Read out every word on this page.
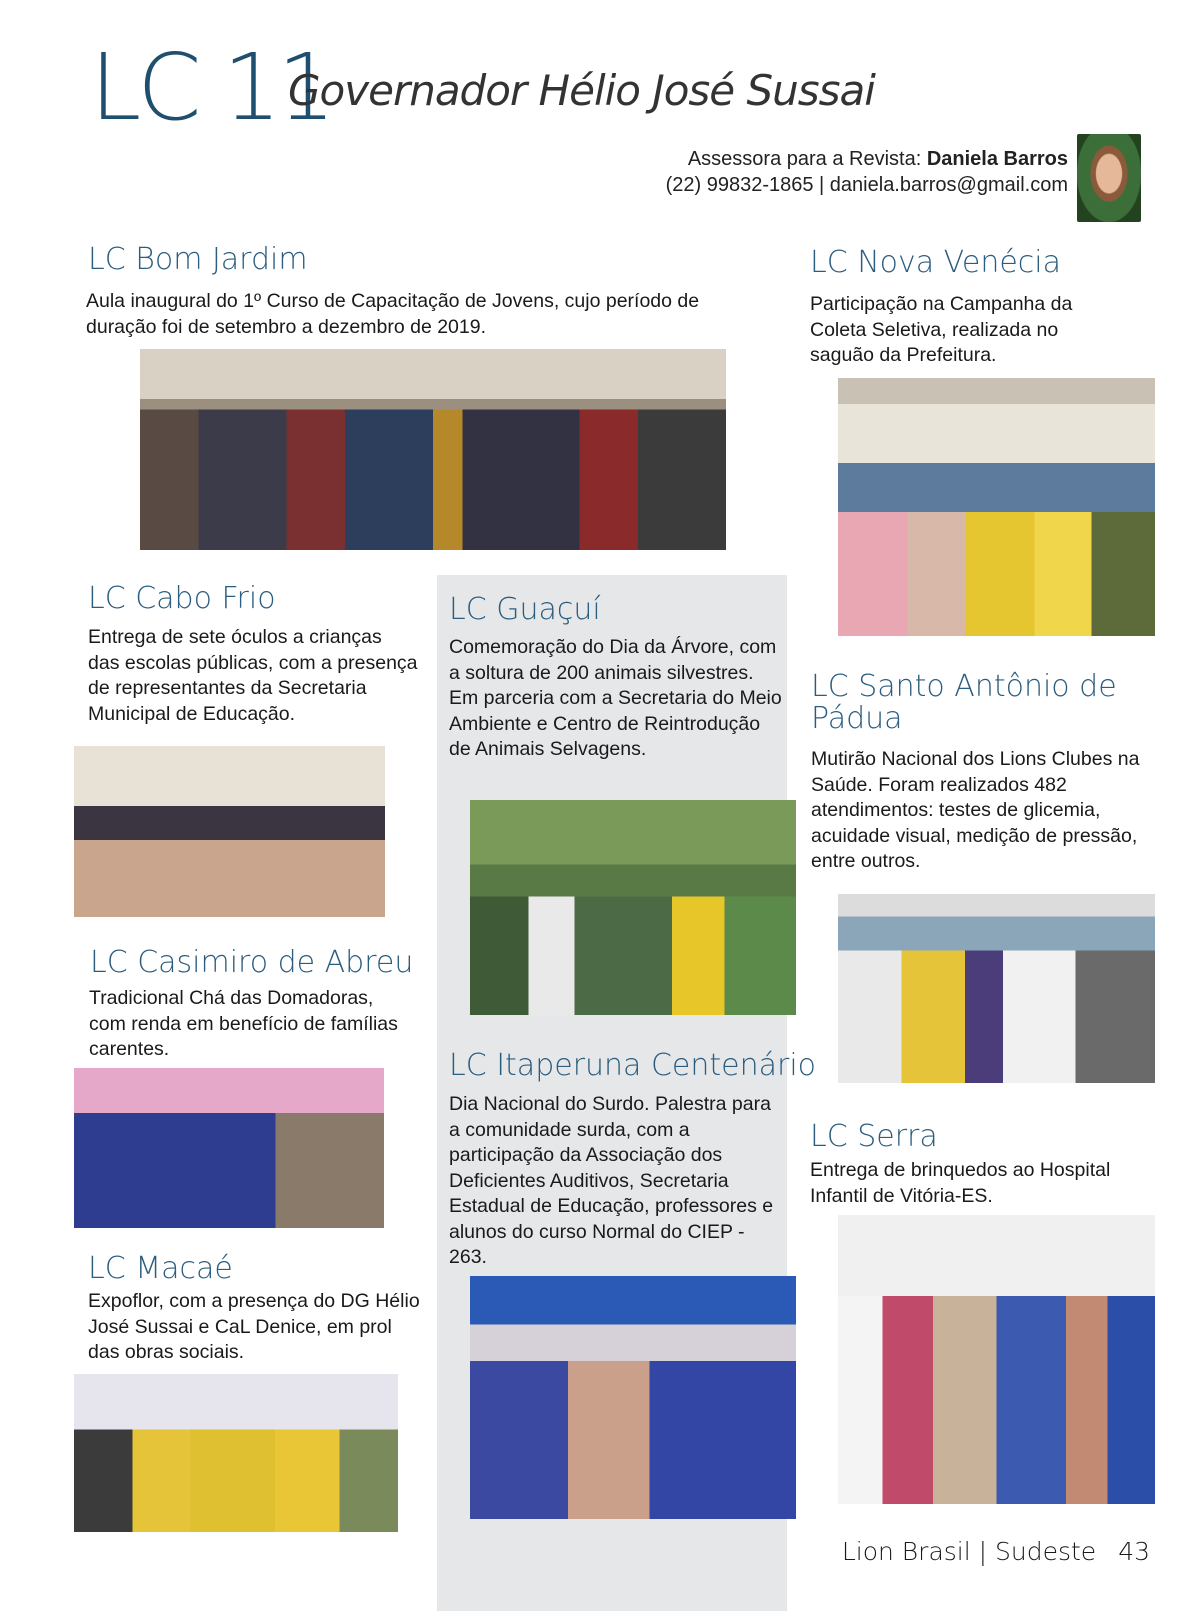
LC 11
Governador Hélio José Sussai
Assessora para a Revista: Daniela Barros
(22) 99832-1865 | daniela.barros@gmail.com
LC Bom Jardim
Aula inaugural do 1º Curso de Capacitação de Jovens, cujo período de duração foi de setembro a dezembro de 2019.
LC Nova Venécia
Participação na Campanha da Coleta Seletiva, realizada no saguão da Prefeitura.
LC Cabo Frio
Entrega de sete óculos a crianças das escolas públicas, com a presença de representantes da Secretaria Municipal de Educação.
LC Guaçuí
Comemoração do Dia da Árvore, com a soltura de 200 animais silvestres. Em parceria com a Secretaria do Meio Ambiente e Centro de Reintrodução de Animais Selvagens.
LC Santo Antônio de Pádua
Mutirão Nacional dos Lions Clubes na Saúde. Foram realizados 482 atendimentos: testes de glicemia, acuidade visual, medição de pressão, entre outros.
LC Casimiro de Abreu
Tradicional Chá das Domadoras, com renda em benefício de famílias carentes.	LC Itaperuna Centenário
Dia Nacional do Surdo. Palestra para a comunidade surda, com a participação da Associação dos Deficientes Auditivos, Secretaria Estadual de Educação, professores e alunos do curso Normal do CIEP - 263.
LC Serra
Entrega de brinquedos ao Hospital Infantil de Vitória-ES.
LC Macaé
Expoflor, com a presença do DG Hélio José Sussai e CaL Denice, em prol das obras sociais.
Lion Brasil | Sudeste 43
